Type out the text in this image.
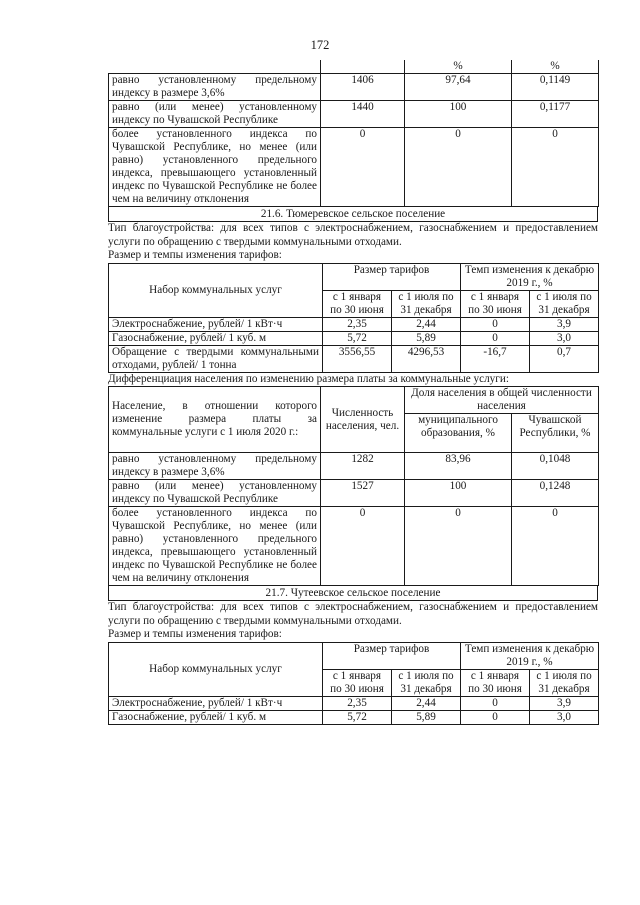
172
		%	%
равно установленному предельному индексу в размере 3,6%	1406	97,64	0,1149
равно (или менее) установленному индексу по Чувашской Республике	1440	100	0,1177
более установленного индекса по Чувашской Республике, но менее (или равно) установленного предельного индекса, превышающего установленный индекс по Чувашской Республике не более чем на величину отклонения	0	0	0
21.6. Тюмеревское сельское поселение
Тип благоустройства: для всех типов с электроснабжением, газоснабжением и предоставлением услуги по обращению с твердыми коммунальными отходами.
Размер и темпы изменения тарифов:
Набор коммунальных услуг	Размер тарифов		Темп изменения к декабрю 2019 г., %	
	с 1 января по 30 июня	с 1 июля по 31 декабря	с 1 января по 30 июня	с 1 июля по 31 декабря
Электроснабжение, рублей/ 1 кВт·ч	2,35	2,44	0	3,9
Газоснабжение, рублей/ 1 куб. м	5,72	5,89	0	3,0
Обращение с твердыми коммунальными отходами, рублей/ 1 тонна	3556,55	4296,53	-16,7	0,7
Дифференциация населения по изменению размера платы за коммунальные услуги:
Население, в отношении которого изменение размера платы за коммунальные услуги с 1 июля 2020 г.:	Численность населения, чел.	Доля населения в общей численности населения	
		муниципального образования, %	Чувашской Республики, %
равно установленному предельному индексу в размере 3,6%	1282	83,96	0,1048
равно (или менее) установленному индексу по Чувашской Республике	1527	100	0,1248
более установленного индекса по Чувашской Республике, но менее (или равно) установленного предельного индекса, превышающего установленный индекс по Чувашской Республике не более чем на величину отклонения	0	0	0
21.7. Чутеевское сельское поселение
Тип благоустройства: для всех типов с электроснабжением, газоснабжением и предоставлением услуги по обращению с твердыми коммунальными отходами.
Размер и темпы изменения тарифов:
Набор коммунальных услуг	Размер тарифов		Темп изменения к декабрю 2019 г., %	
	с 1 января по 30 июня	с 1 июля по 31 декабря	с 1 января по 30 июня	с 1 июля по 31 декабря
Электроснабжение, рублей/ 1 кВт·ч	2,35	2,44	0	3,9
Газоснабжение, рублей/ 1 куб. м	5,72	5,89	0	3,0
